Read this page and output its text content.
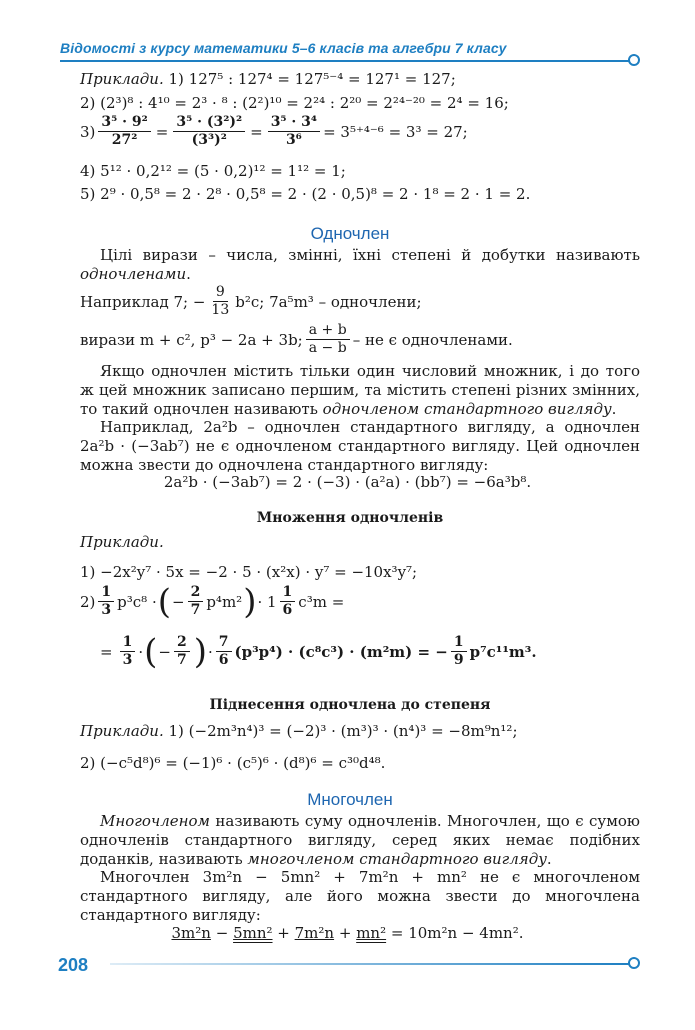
Відомості з курсу математики 5–6 класів та алгебри 7 класу
Приклади. 1) 127⁵ : 127⁴ = 127⁵⁻⁴ = 127¹ = 127;
2) (2³)⁸ : 4¹⁰ = 2³ · ⁸ : (2²)¹⁰ = 2²⁴ : 2²⁰ = 2²⁴⁻²⁰ = 2⁴ = 16;
$3) \frac{\text{3⁵ · 9²}}{\text{27²}} = \frac{\text{3⁵ · (3²)²}}{\text{(3³)²}} = \frac{\text{3⁵ · 3⁴}}{\text{3⁶}} = 3^{5+4-6} = 3^3 = 27$;
4) 5¹² · 0,2¹² = (5 · 0,2)¹² = 1¹² = 1;
5) 2⁹ · 0,5⁸ = 2 · 2⁸ · 0,5⁸ = 2 · (2 · 0,5)⁸ = 2 · 1⁸ = 2 · 1 = 2.
Одночлен
Цілі вирази – числа, змінні, їхні степені й добутки називають одночленами.
Наприклад 7; − $\frac{9}{13} b^2c$; 7a⁵m³ – одночлени;
вирази m + c², p³ − 2a + 3b; $\frac{a + b}{a - b}$ – не є одночленами.
Якщо одночлен містить тільки один числовий множник, і до того ж цей множник записано першим, та містить степені різних змінних, то такий одночлен називають одночленом стандартного вигляду.
Наприклад, 2a²b – одночлен стандартного вигляду, а одночлен 2a²b · (−3ab⁷) не є одночленом стандартного вигляду. Цей одночлен можна звести до одночлена стандартного вигляду:
2a²b · (−3ab⁷) = 2 · (−3) · (a²a) · (bb⁷) = −6a³b⁸.
Множення одночленів
Приклади.
1) −2x²y⁷ · 5x = −2 · 5 · (x²x) · y⁷ = −10x³y⁷;
$2) \frac{1}{3} p^3c^8$ · ( − $\frac{2}{7} p^4m^2$ ) · $1 \frac{1}{6} c^3m$ =
= $\frac{1}{3}$ · ( − $\frac{2}{7}$ ) · $\frac{7}{6} (p^3p^4) \cdot (c^8c^3) \cdot (m^2m)$ = − $\frac{1}{9} p^7c^{11}m^3$.
Піднесення одночлена до степеня
Приклади. 1) (−2m³n⁴)³ = (−2)³ · (m³)³ · (n⁴)³ = −8m⁹n¹²;
2) (−c⁵d⁸)⁶ = (−1)⁶ · (c⁵)⁶ · (d⁸)⁶ = c³⁰d⁴⁸.
Многочлен
Многочленом називають суму одночленів. Многочлен, що є сумою одночленів стандартного вигляду, серед яких немає подібних доданків, називають многочленом стандартного вигляду.
Многочлен 3m²n − 5mn² + 7m²n + mn² не є многочленом стандартного вигляду, але його можна звести до многочлена стандартного вигляду:
3m²n − 5mn² + 7m²n + mn² = 10m²n − 4mn².
208
